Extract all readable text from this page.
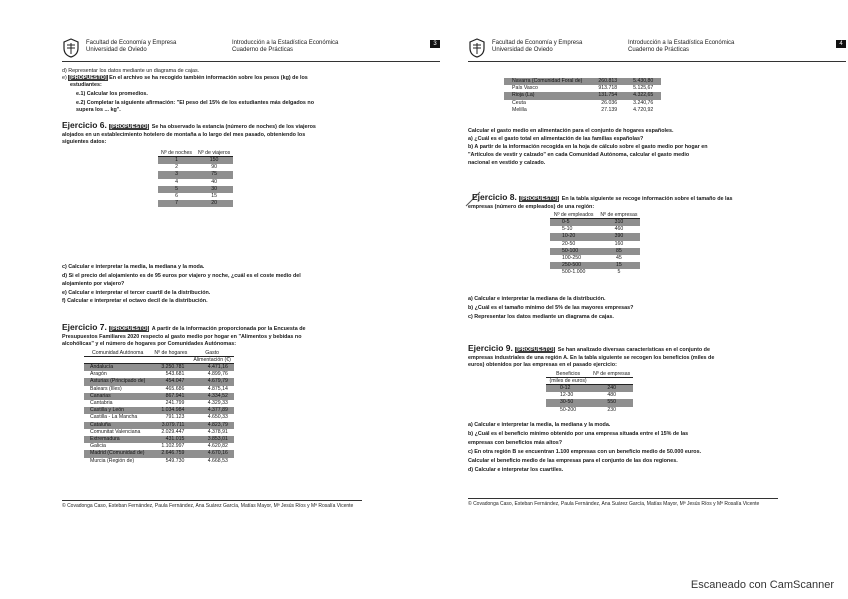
Facultad de Economía y Empresa
Universidad de Oviedo
Introducción a la Estadística Económica
Cuaderno de Prácticas
3
d) Representar los datos mediante un diagrama de cajas.
e) [PROPUESTO] En el archivo se ha recogido también información sobre los pesos (kg) de los
estudiantes:
e.1) Calcular los promedios.
e.2) Completar la siguiente afirmación: "El peso del 15% de los estudiantes más delgados no
supera los ... kg".
Ejercicio 6. [PROPUESTO] Se ha observado la estancia (número de noches) de los viajeros
alojados en un establecimiento hotelero de montaña a lo largo del mes pasado, obteniendo los
siguientes datos:
Nº de noches	Nº de viajeros
1	150
2	90
3	75
4	40
5	30
6	15
7	20
c) Calcular e interpretar la media, la mediana y la moda.
d) Si el precio del alojamiento es de 95 euros por viajero y noche, ¿cuál es el coste medio del
alojamiento por viajero?
e) Calcular e interpretar el tercer cuartil de la distribución.
f) Calcular e interpretar el octavo decil de la distribución.
Ejercicio 7. [PROPUESTO] A partir de la información proporcionada por la Encuesta de
Presupuestos Familiares 2020 respecto al gasto medio por hogar en "Alimentos y bebidas no
alcohólicas" y el número de hogares por Comunidades Autónomas:
Comunidad Autónoma	Nº de hogares	Gasto
		Alimentación (€)
Andalucía	3.250.781	4.471,16
Aragón	543.681	4.899,76
Asturias (Principado de)	454.047	4.679,79
Balears (Illes)	465.686	4.875,14
Canarias	867.941	4.334,52
Cantabria	241.799	4.329,33
Castilla y León	1.034.984	4.377,89
Castilla - La Mancha	791.123	4.650,33
Cataluña	3.079.711	4.823,79
Comunitat Valenciana	2.029.447	4.378,91
Extremadura	431.015	3.853,01
Galicia	1.102.997	4.620,82
Madrid (Comunidad de)	2.646.759	4.670,16
Murcia (Región de)	549.730	4.668,53
© Covadonga Caso, Esteban Fernández, Paula Fernández, Ana Suárez García, Matías Mayor, Mª Jesús Ríos y Mª Rosalía Vicente
Facultad de Economía y Empresa
Universidad de Oviedo
Introducción a la Estadística Económica
Cuaderno de Prácticas
4
Navarra (Comunidad Foral de)	260.813	5.430,80
País Vasco	913.718	5.125,67
Rioja (La)	131.754	4.322,65
Ceuta	26.036	3.240,76
Melilla	27.139	4.720,92
Calcular el gasto medio en alimentación para el conjunto de hogares españoles.
a) ¿Cuál es el gasto total en alimentación de las familias españolas?
b) A partir de la información recogida en la hoja de cálculo sobre el gasto medio por hogar en
"Artículos de vestir y calzado" en cada Comunidad Autónoma, calcular el gasto medio
nacional en vestido y calzado.
Ejercicio 8. [PROPUESTO] En la tabla siguiente se recoge información sobre el tamaño de las
empresas (número de empleados) de una región:
Nº de empleados	Nº de empresas
0-5	310
5-10	460
10-20	390
20-50	160
50-100	85
100-250	45
250-500	15
500-1.000	5
a) Calcular e interpretar la mediana de la distribución.
b) ¿Cuál es el tamaño mínimo del 5% de las mayores empresas?
c) Representar los datos mediante un diagrama de cajas.
Ejercicio 9. [PROPUESTO] Se han analizado diversas características en el conjunto de
empresas industriales de una región A. En la tabla siguiente se recogen los beneficios (miles de
euros) obtenidos por las empresas en el pasado ejercicio:
Beneficios	Nº de empresas
(miles de euros)	
0-12	240
12-30	480
30-50	550
50-200	230
a) Calcular e interpretar la media, la mediana y la moda.
b) ¿Cuál es el beneficio mínimo obtenido por una empresa situada entre el 15% de las
empresas con beneficios más altos?
c) En otra región B se encuentran 1.100 empresas con un beneficio medio de 50.000 euros.
Calcular el beneficio medio de las empresas para el conjunto de las dos regiones.
d) Calcular e interpretar los cuartiles.
© Covadonga Caso, Esteban Fernández, Paula Fernández, Ana Suárez García, Matías Mayor, Mª Jesús Ríos y Mª Rosalía Vicente
Escaneado con CamScanner
